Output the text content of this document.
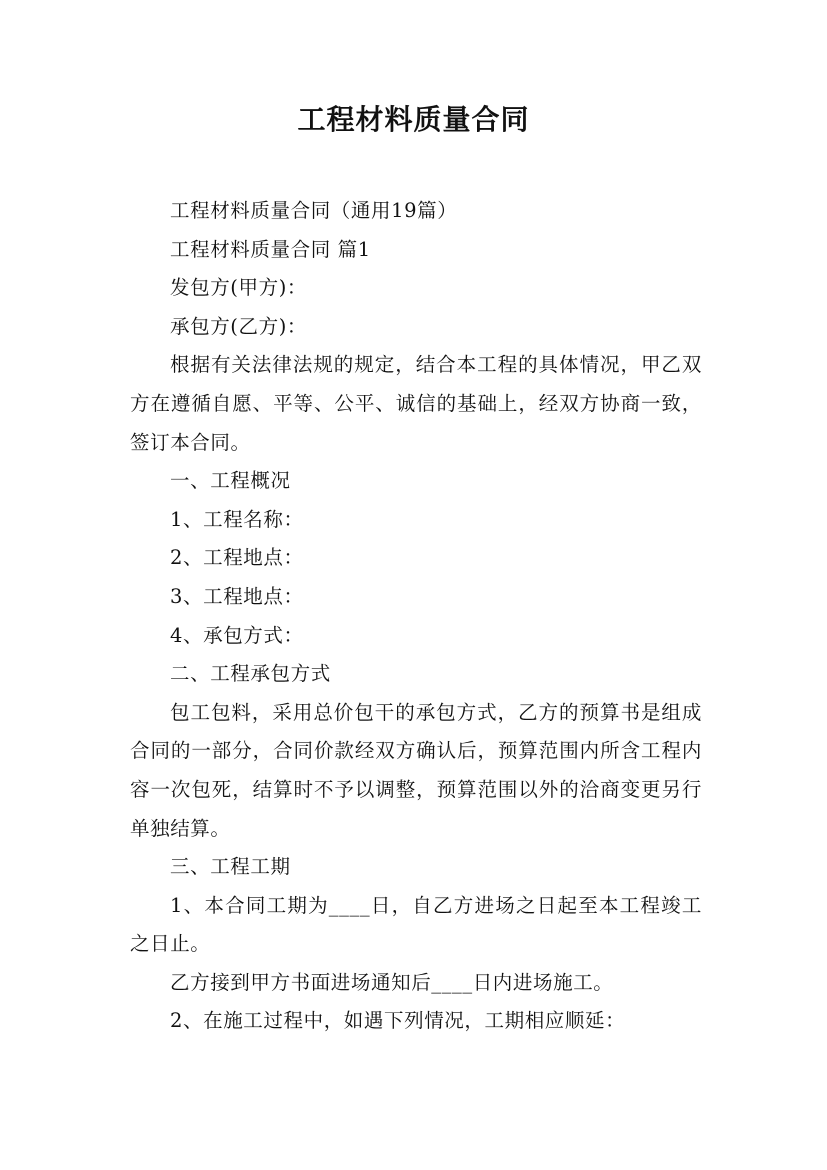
工程材料质量合同

工程材料质量合同（通用19篇）

工程材料质量合同 篇1

发包方(甲方)：

承包方(乙方)：

根据有关法律法规的规定，结合本工程的具体情况，甲乙双方在遵循自愿、平等、公平、诚信的基础上，经双方协商一致，签订本合同。

一、工程概况

1、工程名称：

2、工程地点：

3、工程地点：

4、承包方式：

二、工程承包方式

包工包料，采用总价包干的承包方式，乙方的预算书是组成合同的一部分，合同价款经双方确认后，预算范围内所含工程内容一次包死，结算时不予以调整，预算范围以外的洽商变更另行单独结算。

三、工程工期

1、本合同工期为____日，自乙方进场之日起至本工程竣工之日止。

乙方接到甲方书面进场通知后____日内进场施工。

2、在施工过程中，如遇下列情况，工期相应顺延：
